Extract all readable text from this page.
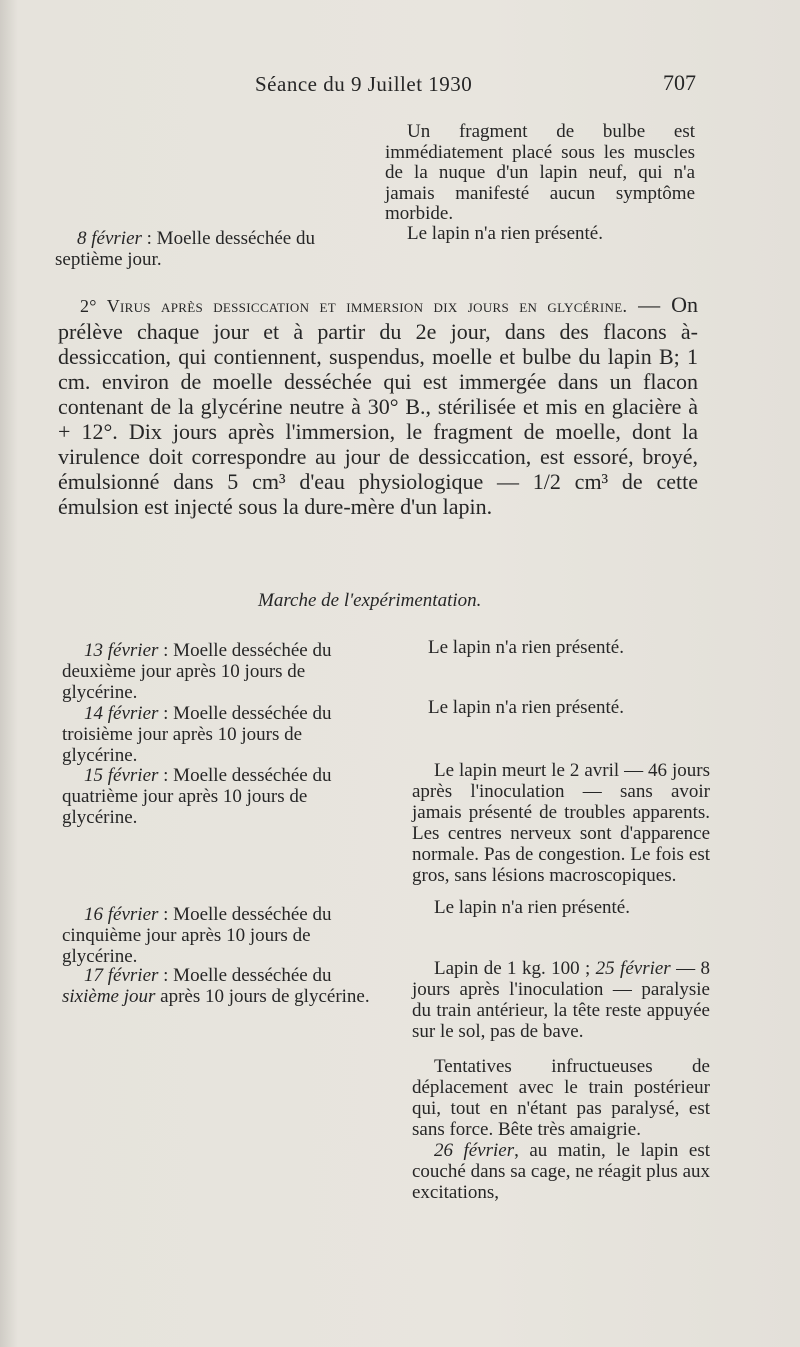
Séance du 9 Juillet 1930	707
Un fragment de bulbe est immédiatement placé sous les muscles de la nuque d'un lapin neuf, qui n'a jamais manifesté aucun symptôme morbide.
8 février : Moelle desséchée du septième jour.
Le lapin n'a rien présenté.
2° Virus après dessiccation et immersion dix jours en glycérine. — On prélève chaque jour et à partir du 2e jour, dans des flacons à-dessiccation, qui contiennent, suspendus, moelle et bulbe du lapin B; 1 cm. environ de moelle desséchée qui est immergée dans un flacon contenant de la glycérine neutre à 30° B., stérilisée et mis en glacière à + 12°. Dix jours après l'immersion, le fragment de moelle, dont la virulence doit correspondre au jour de dessiccation, est essoré, broyé, émulsionné dans 5 cm³ d'eau physiologique — 1/2 cm³ de cette émulsion est injecté sous la dure-mère d'un lapin.
Marche de l'expérimentation.
13 février : Moelle desséchée du deuxième jour après 10 jours de glycérine.
Le lapin n'a rien présenté.
14 février : Moelle desséchée du troisième jour après 10 jours de glycérine.
Le lapin n'a rien présenté.
15 février : Moelle desséchée du quatrième jour après 10 jours de glycérine.
Le lapin meurt le 2 avril — 46 jours après l'inoculation — sans avoir jamais présenté de troubles apparents. Les centres nerveux sont d'apparence normale. Pas de congestion. Le fois est gros, sans lésions macroscopiques.
16 février : Moelle desséchée du cinquième jour après 10 jours de glycérine.
Le lapin n'a rien présenté.
17 février : Moelle desséchée du sixième jour après 10 jours de glycérine.
Lapin de 1 kg. 100 ; 25 février — 8 jours après l'inoculation — paralysie du train antérieur, la tête reste appuyée sur le sol, pas de bave.
Tentatives infructueuses de déplacement avec le train postérieur qui, tout en n'étant pas paralysé, est sans force. Bête très amaigrie.
26 février, au matin, le lapin est couché dans sa cage, ne réagit plus aux excitations,
